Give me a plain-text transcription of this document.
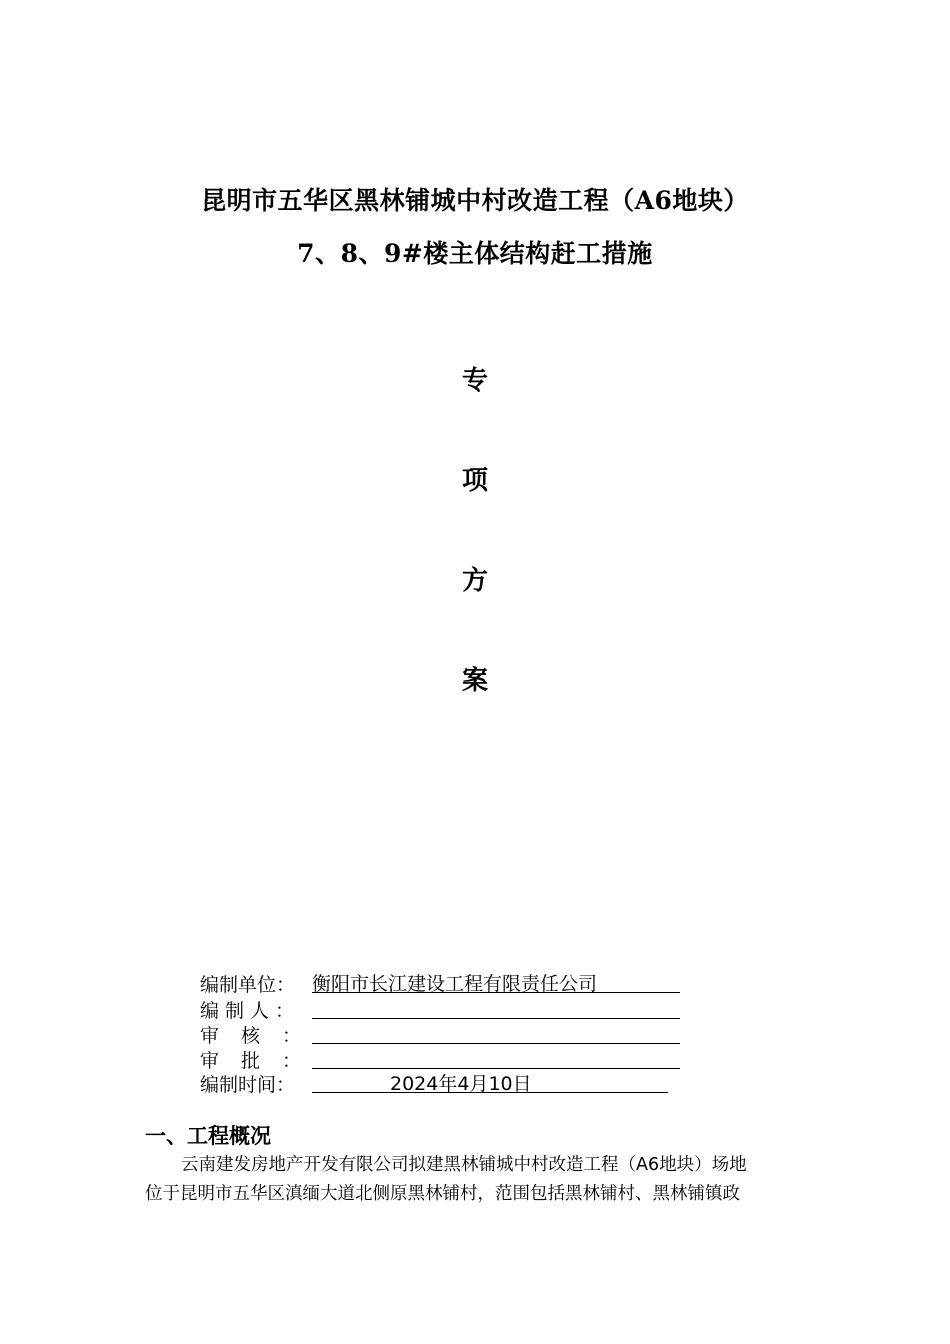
昆明市五华区黑林铺城中村改造工程（A6地块）
7、8、9#楼主体结构赶工措施
专
项
方
案
编制单位： 衡阳市长江建设工程有限责任公司
编制人：
审核：
审批：
编制时间：	2024年4月10日
一、工程概况
云南建发房地产开发有限公司拟建黑林铺城中村改造工程（A6地块）场地
位于昆明市五华区滇缅大道北侧原黑林铺村，范围包括黑林铺村、黑林铺镇政
